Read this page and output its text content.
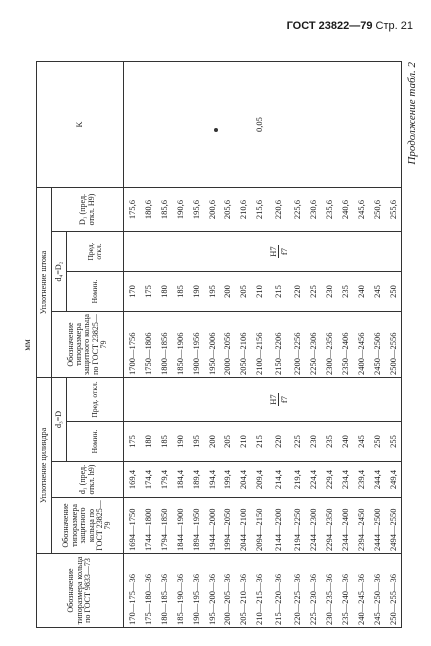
ГОСТ 23822—79 Стр. 21
мм
Обозначение типоразмера кольца по ГОСТ 9833—73	Уплотнение цилиндра				Уплотнение штока				K
	Обозначение типоразмера защитного кольца по ГОСТ 23825—79	d₁ (пред. откл. h9)	d₃=D		Обозначение типоразмера защитного кольца по ГОСТ 23825—79	d₄=D₂		D₁ (пред. откл. H9)	
			Номин.	Пред. откл.		Номин.	Пред. откл.		
170—175—36	1694—1750	169,4	175		1700—1756	170		175,6	
175—180—36	1744—1800	174,4	180		1750—1806	175		180,6	
180—185—36	1794—1850	179,4	185		1800—1856	180		185,6	
185—190—36	1844—1900	184,4	190		1850—1906	185		190,6	
190—195—36	1894—1950	189,4	195		1900—1956	190		195,6	
195—200—36	1944—2000	194,4	200		1950—2006	195		200,6	
200—205—36	1994—2050	199,4	205		2000—2056	200		205,6	
205—210—36	2044—2100	204,4	210		2050—2106	205		210,6	
210—215—36	2094—2150	209,4	215		2100—2156	210		215,6	0,05
215—220—36	2144—2200	214,4	220	H7 f7	2150—2206	215	H7 f7	220,6	
220—225—36	2194—2250	219,4	225		2200—2256	220		225,6	
225—230—36	2244—2300	224,4	230		2250—2306	225		230,6	
230—235—36	2294—2350	229,4	235		2300—2356	230		235,6	
235—240—36	2344—2400	234,4	240		2350—2406	235		240,6	
240—245—36	2394—2450	239,4	245		2400—2456	240		245,6	
245—250—36	2444—2500	244,4	250		2450—2506	245		250,6	
250—255—36	2494—2550	249,4	255		2500—2556	250		255,6	
Продолжение табл. 2
